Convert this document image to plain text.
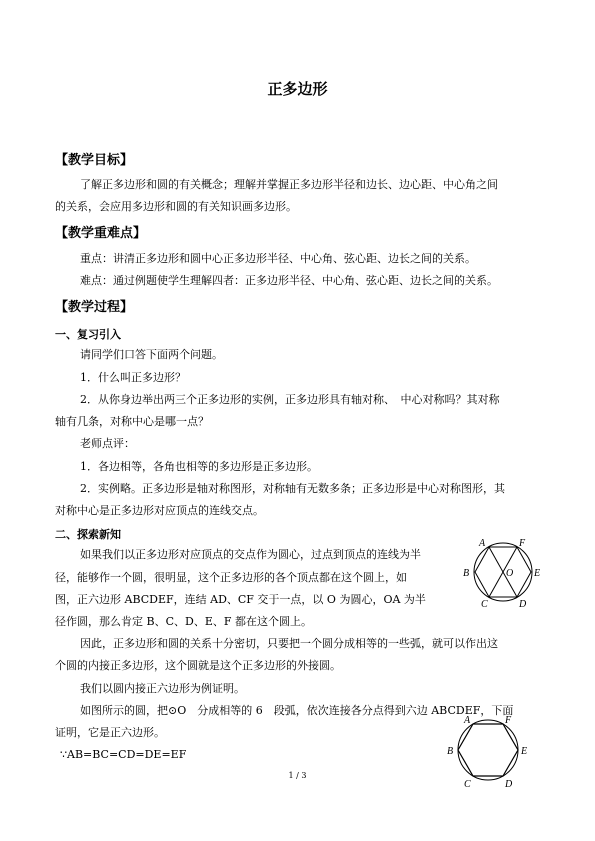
正多边形
【教学目标】
了解正多边形和圆的有关概念；理解并掌握正多边形半径和边长、边心距、中心角之间
的关系，会应用多边形和圆的有关知识画多边形。
【教学重难点】
重点：讲清正多边形和圆中心正多边形半径、中心角、弦心距、边长之间的关系。
难点：通过例题使学生理解四者：正多边形半径、中心角、弦心距、边长之间的关系。
【教学过程】
一、复习引入
请同学们口答下面两个问题。
1．什么叫正多边形？
2．从你身边举出两三个正多边形的实例，正多边形具有轴对称、　中心对称吗？其对称
轴有几条，对称中心是哪一点？
老师点评：
1．各边相等，各角也相等的多边形是正多边形。
2．实例略。正多边形是轴对称图形，对称轴有无数多条；正多边形是中心对称图形，其
对称中心是正多边形对应顶点的连线交点。
二、探索新知
如果我们以正多边形对应顶点的交点作为圆心，过点到顶点的连线为半
径，能够作一个圆，很明显，这个正多边形的各个顶点都在这个圆上，如
图，正六边形 ABCDEF，连结 AD、CF 交于一点，以 O 为圆心，OA 为半
径作圆，那么肯定 B、C、D、E、F 都在这个圆上。
因此，正多边形和圆的关系十分密切，只要把一个圆分成相等的一些弧，就可以作出这
个圆的内接正多边形，这个圆就是这个正多边形的外接圆。
我们以圆内接正六边形为例证明。
如图所示的圆，把⊙O　分成相等的 6　段弧，依次连接各分点得到六边 ABCDEF，下面
证明，它是正六边形。
∵AB=BC=CD=DE=EF
A	F
B	O E
C	D
A	F
B	E
C	D
1 / 3
